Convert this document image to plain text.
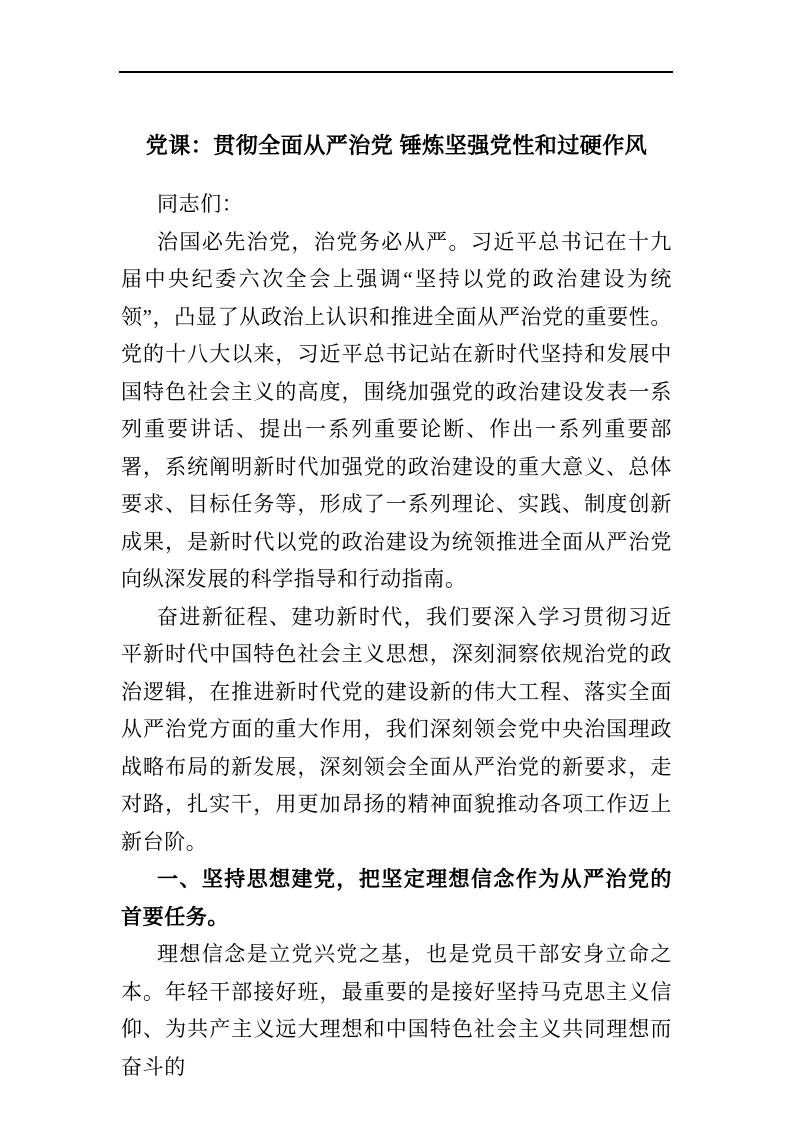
党课：贯彻全面从严治党 锤炼坚强党性和过硬作风

同志们：

治国必先治党，治党务必从严。习近平总书记在十九届中央纪委六次全会上强调“坚持以党的政治建设为统领”，凸显了从政治上认识和推进全面从严治党的重要性。党的十八大以来，习近平总书记站在新时代坚持和发展中国特色社会主义的高度，围绕加强党的政治建设发表一系列重要讲话、提出一系列重要论断、作出一系列重要部署，系统阐明新时代加强党的政治建设的重大意义、总体要求、目标任务等，形成了一系列理论、实践、制度创新成果，是新时代以党的政治建设为统领推进全面从严治党向纵深发展的科学指导和行动指南。

奋进新征程、建功新时代，我们要深入学习贯彻习近平新时代中国特色社会主义思想，深刻洞察依规治党的政治逻辑，在推进新时代党的建设新的伟大工程、落实全面从严治党方面的重大作用，我们深刻领会党中央治国理政战略布局的新发展，深刻领会全面从严治党的新要求，走对路，扎实干，用更加昂扬的精神面貌推动各项工作迈上新台阶。

一、坚持思想建党，把坚定理想信念作为从严治党的首要任务。

理想信念是立党兴党之基，也是党员干部安身立命之本。年轻干部接好班，最重要的是接好坚持马克思主义信仰、为共产主义远大理想和中国特色社会主义共同理想而奋斗的
